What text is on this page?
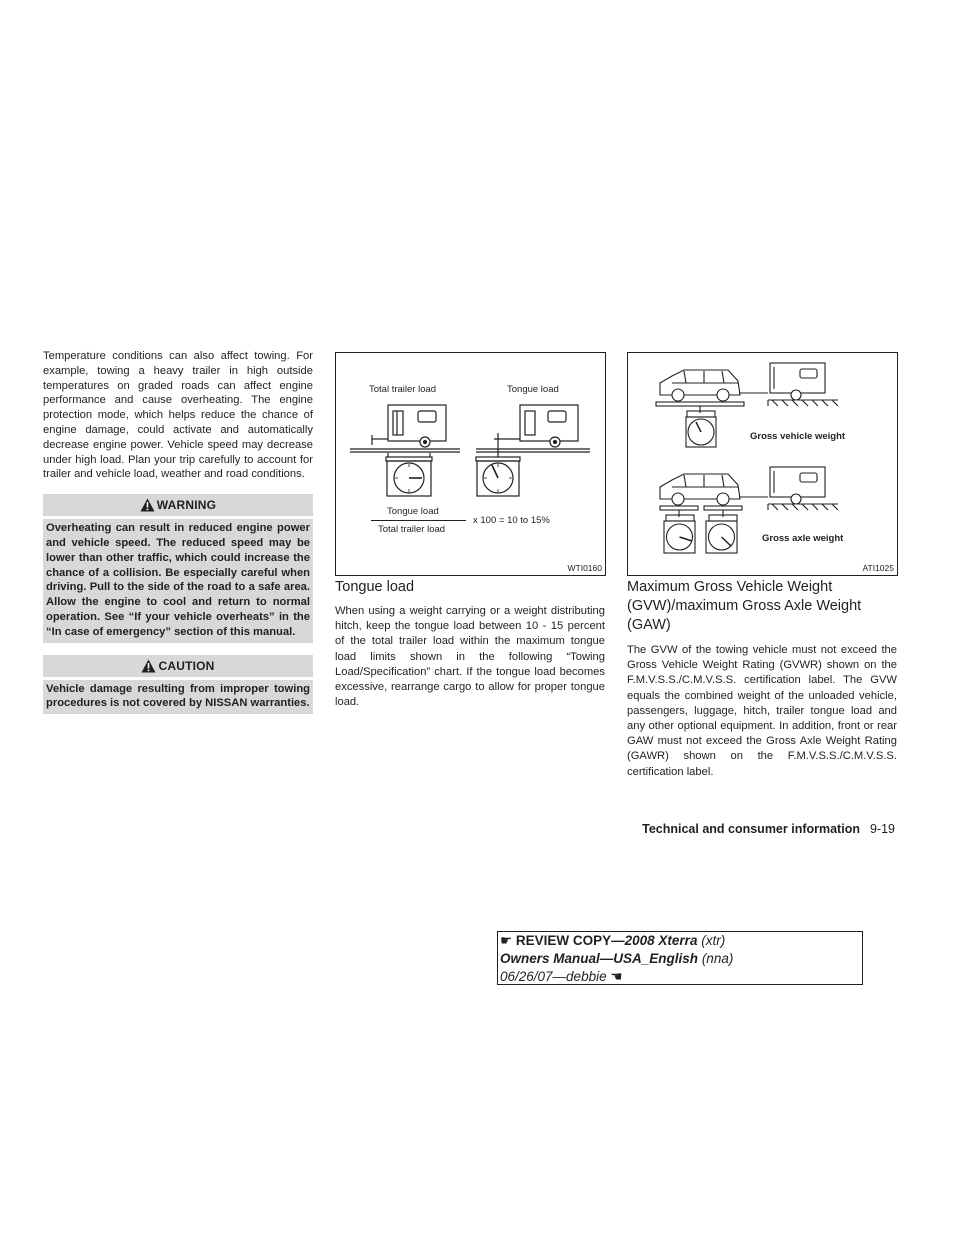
Temperature conditions can also affect towing. For example, towing a heavy trailer in high outside temperatures on graded roads can affect engine performance and cause overheating. The engine protection mode, which helps reduce the chance of engine damage, could activate and automatically decrease engine power. Vehicle speed may decrease under high load. Plan your trip carefully to account for trailer and vehicle load, weather and road conditions.

WARNING
Overheating can result in reduced engine power and vehicle speed. The reduced speed may be lower than other traffic, which could increase the chance of a collision. Be especially careful when driving. Pull to the side of the road to a safe area. Allow the engine to cool and return to normal operation. See “If your vehicle overheats” in the “In case of emergency” section of this manual.
CAUTION
Vehicle damage resulting from improper towing procedures is not covered by NISSAN warranties.
Total trailer load	Tongue load
Tongue load
Total trailer load
x 100 = 10 to 15%
WTI0160
Tongue load

When using a weight carrying or a weight distributing hitch, keep the tongue load between 10 - 15 percent of the total trailer load within the maximum tongue load limits shown in the following “Towing Load/Specification” chart. If the tongue load becomes excessive, rearrange cargo to allow for proper tongue load.

Gross vehicle weight
Gross axle weight
ATI1025
Maximum Gross Vehicle Weight (GVW)/maximum Gross Axle Weight (GAW)

The GVW of the towing vehicle must not exceed the Gross Vehicle Weight Rating (GVWR) shown on the F.M.V.S.S./C.M.V.S.S. certification label. The GVW equals the combined weight of the unloaded vehicle, passengers, luggage, hitch, trailer tongue load and any other optional equipment. In addition, front or rear GAW must not exceed the Gross Axle Weight Rating (GAWR) shown on the F.M.V.S.S./C.M.V.S.S. certification label.

Technical and consumer information 9-19
☛ REVIEW COPY—2008 Xterra (xtr)
Owners Manual—USA_English (nna)
06/26/07—debbie ☚
